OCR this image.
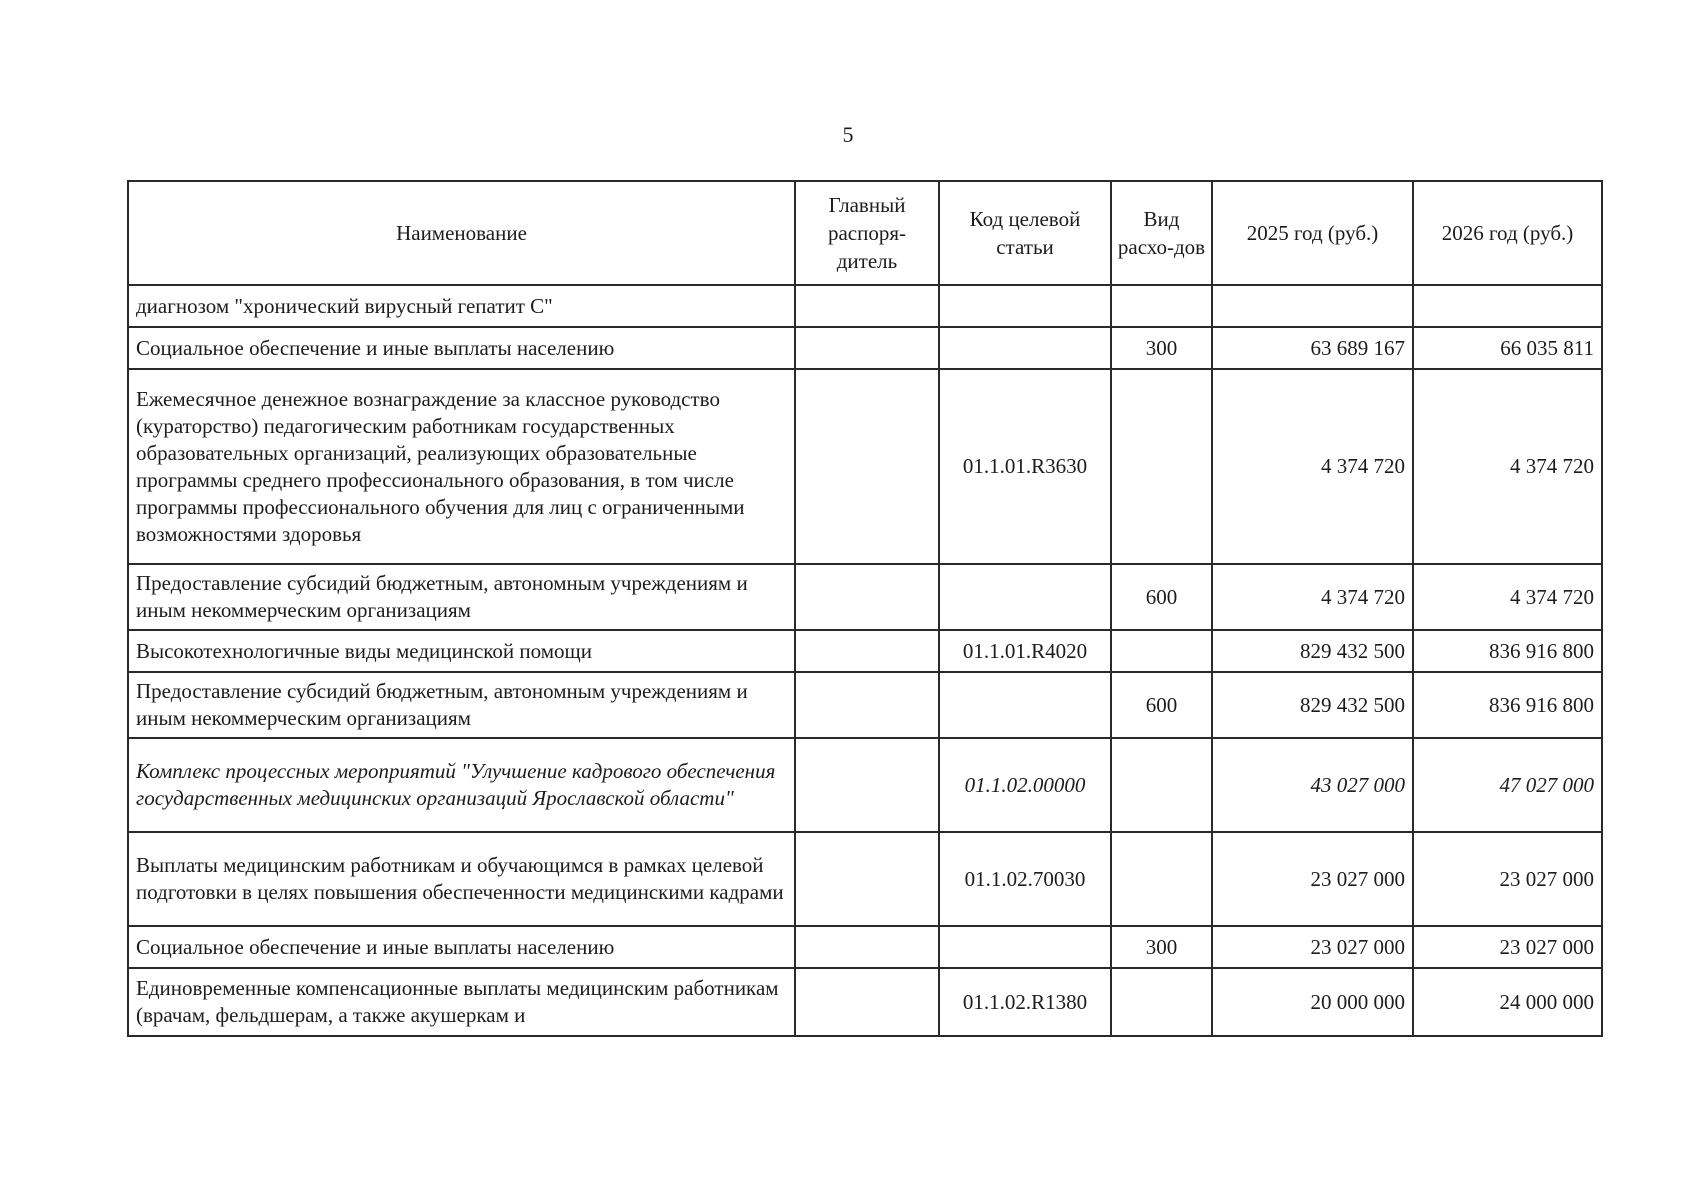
5
Наименование	Главный распоря-дитель	Код целевой статьи	Вид расхо-дов	2025 год (руб.)	2026 год (руб.)
диагнозом "хронический вирусный гепатит С"					
Социальное обеспечение и иные выплаты населению			300	63 689 167	66 035 811
Ежемесячное денежное вознаграждение за классное руководство (кураторство) педагогическим работникам государственных образовательных организаций, реализующих образовательные программы среднего профессионального образования, в том числе программы профессионального обучения для лиц с ограниченными возможностями здоровья		01.1.01.R3630		4 374 720	4 374 720
Предоставление субсидий бюджетным, автономным учреждениям и иным некоммерческим организациям			600	4 374 720	4 374 720
Высокотехнологичные виды медицинской помощи		01.1.01.R4020		829 432 500	836 916 800
Предоставление субсидий бюджетным, автономным учреждениям и иным некоммерческим организациям			600	829 432 500	836 916 800
Комплекс процессных мероприятий "Улучшение кадрового обеспечения государственных медицинских организаций Ярославской области"		01.1.02.00000		43 027 000	47 027 000
Выплаты медицинским работникам и обучающимся в рамках целевой подготовки в целях повышения обеспеченности медицинскими кадрами		01.1.02.70030		23 027 000	23 027 000
Социальное обеспечение и иные выплаты населению			300	23 027 000	23 027 000
Единовременные компенсационные выплаты медицинским работникам (врачам, фельдшерам, а также акушеркам и		01.1.02.R1380		20 000 000	24 000 000
